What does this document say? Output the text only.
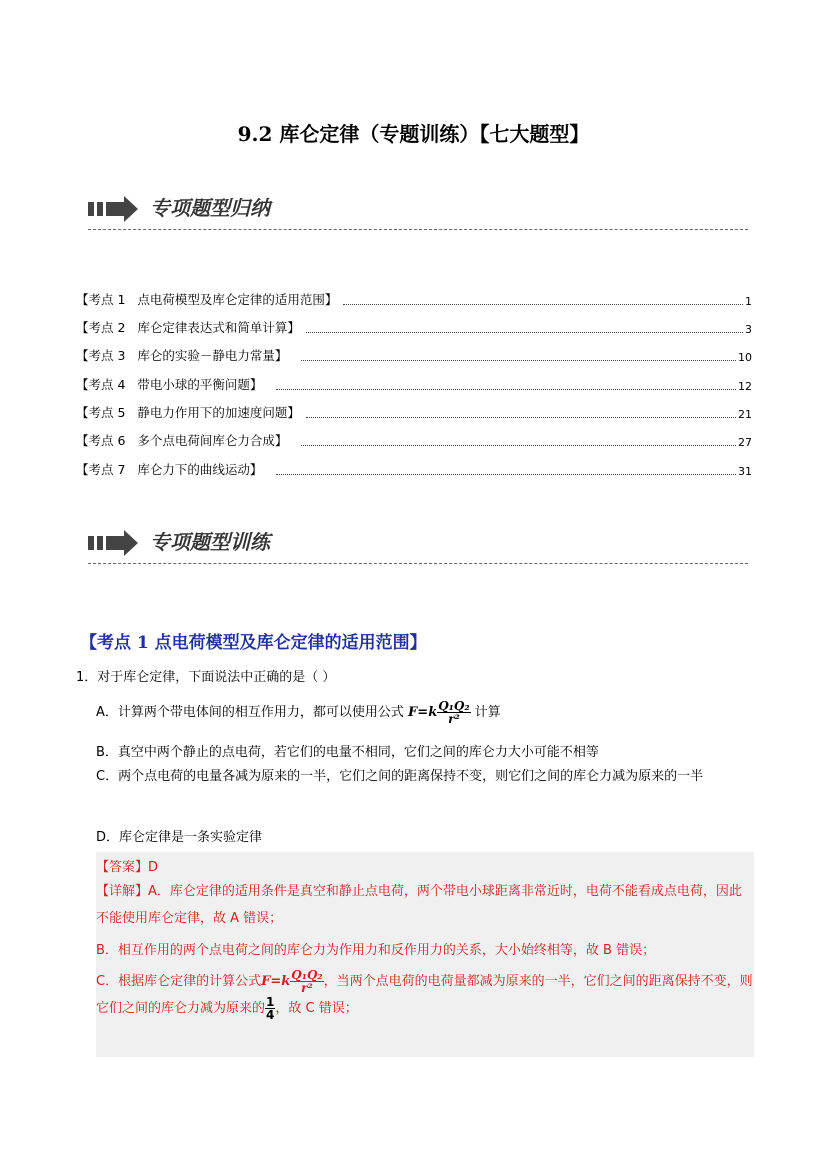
9.2 库仑定律（专题训练）【七大题型】
专项题型归纳
【考点 1   点电荷模型及库仑定律的适用范围】	1
【考点 2   库仑定律表达式和简单计算】	3
【考点 3   库仑的实验－静电力常量】	10
【考点 4   带电小球的平衡问题】	12
【考点 5   静电力作用下的加速度问题】	21
【考点 6   多个点电荷间库仑力合成】	27
【考点 7   库仑力下的曲线运动】	31
专项题型训练
【考点 1 点电荷模型及库仑定律的适用范围】
1．对于库仑定律，下面说法中正确的是（ ）
A．计算两个带电体间的相互作用力，都可以使用公式 $F=k \frac{\text{Q₁Q₂}}{\text{r²}}$ 计算
B．真空中两个静止的点电荷，若它们的电量不相同，它们之间的库仑力大小可能不相等
C．两个点电荷的电量各减为原来的一半，它们之间的距离保持不变，则它们之间的库仑力减为原来的一半
D．库仑定律是一条实验定律
【答案】D
【详解】A．库仑定律的适用条件是真空和静止点电荷，两个带电小球距离非常近时，电荷不能看成点电荷，因此不能使用库仑定律，故 A 错误；
B．相互作用的两个点电荷之间的库仑力为作用力和反作用力的关系，大小始终相等，故 B 错误；
C．根据库仑定律的计算公式$F=k \frac{\text{Q₁Q₂}}{\text{r²}}$ ，当两个点电荷的电荷量都减为原来的一半，它们之间的距离保持不变，则它们之间的库仑力减为原来的 $\frac{1}{4}$ ，故 C 错误；
